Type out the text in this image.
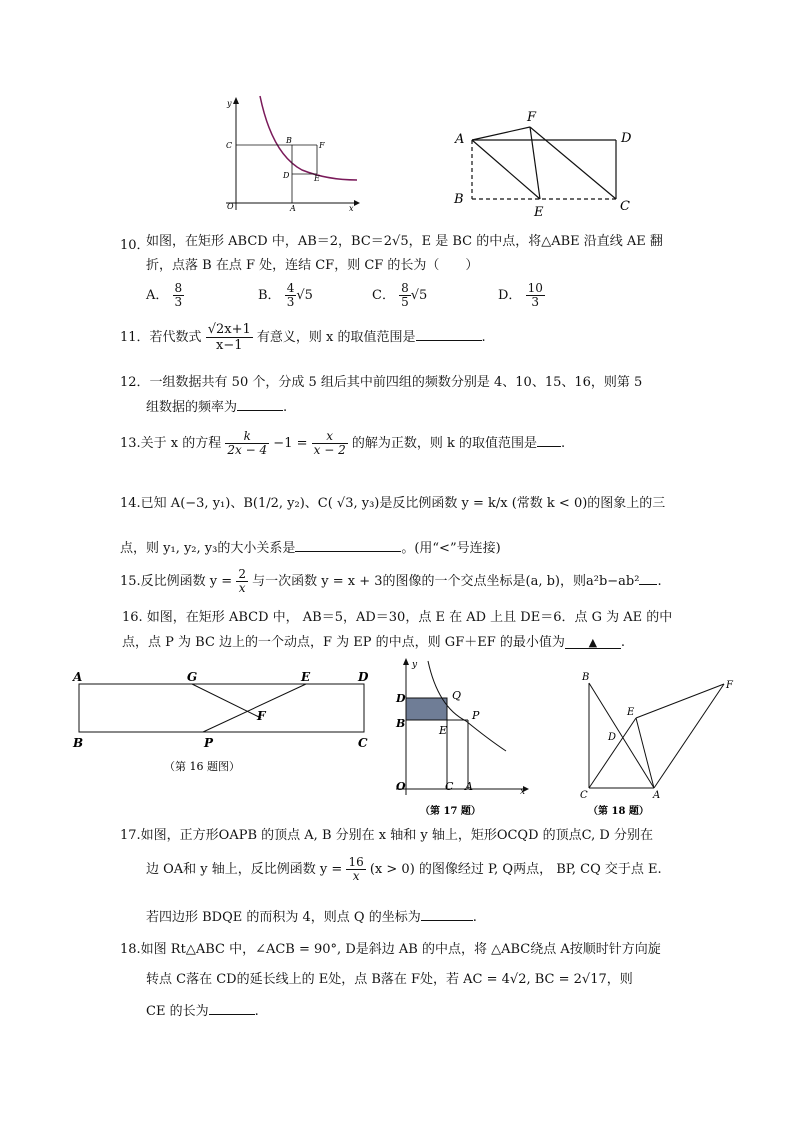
y
C
B
F
D	E
O	A	x
A
F
D
B
E	C
10．
如图，在矩形 ABCD 中，AB＝2，BC＝2√5，E 是 BC 的中点，将△ABE 沿直线 AE 翻
折，点落 B 在点 F 处，连结 CF，则 CF 的长为（　　）
A． $\frac{8}{3}$	B． $\frac{4}{3} √5$	C． $\frac{8}{5} √5$	D． $\frac{10}{3}$
11．若代数式 $\frac{√2x+1}{x-1}$ 有意义，则 x 的取值范围是	.
12．一组数据共有 50 个，分成 5 组后其中前四组的频数分别是 4、10、15、16，则第 5
组数据的频率为	.
13.关于 x 的方程 $\frac{k}{2x - 4} -1 = \frac{x}{x - 2}$ 的解为正数，则 k 的取值范围是 .
14.已知 A(−3, y₁)、B(1/2, y₂)、C( √3, y₃)是反比例函数 y = k/x (常数 k < 0)的图象上的三
点，则 y₁, y₂, y₃的大小关系是	。(用“<”号连接)
15.反比例函数 $y = \frac{2}{x}$ 与一次函数 y = x + 3的图像的一个交点坐标是(a, b)，则a²b−ab² .
16. 如图，在矩形 ABCD 中， AB＝5，AD＝30，点 E 在 AD 上且 DE＝6．点 G 为 AE 的中
点，点 P 为 BC 边上的一个动点，F 为 EP 的中点，则 GF＋EF 的最小值为 ▲ .
A	G	E	D
F
B	P	C
（第 16 题图）
y
D	Q
B
P
E
O	C A	x
（第 17 题）
B
F
E
D
C	A
（第 18 题）
17.如图，正方形OAPB 的顶点 A, B 分别在 x 轴和 y 轴上，矩形OCQD 的顶点C, D 分别在
边 OA和 y 轴上，反比例函数 $y = \frac{16}{x} (x > 0)$ 的图像经过 P, Q两点， BP, CQ 交于点 E.
若四边形 BDQE 的而积为 4，则点 Q 的坐标为	.
18.如图 Rt△ABC 中，∠ACB = 90°, D是斜边 AB 的中点，将 △ABC绕点 A按顺时针方向旋
转点 C落在 CD的延长线上的 E处，点 B落在 F处，若 AC = 4√2, BC = 2√17，则
CE 的长为	.
